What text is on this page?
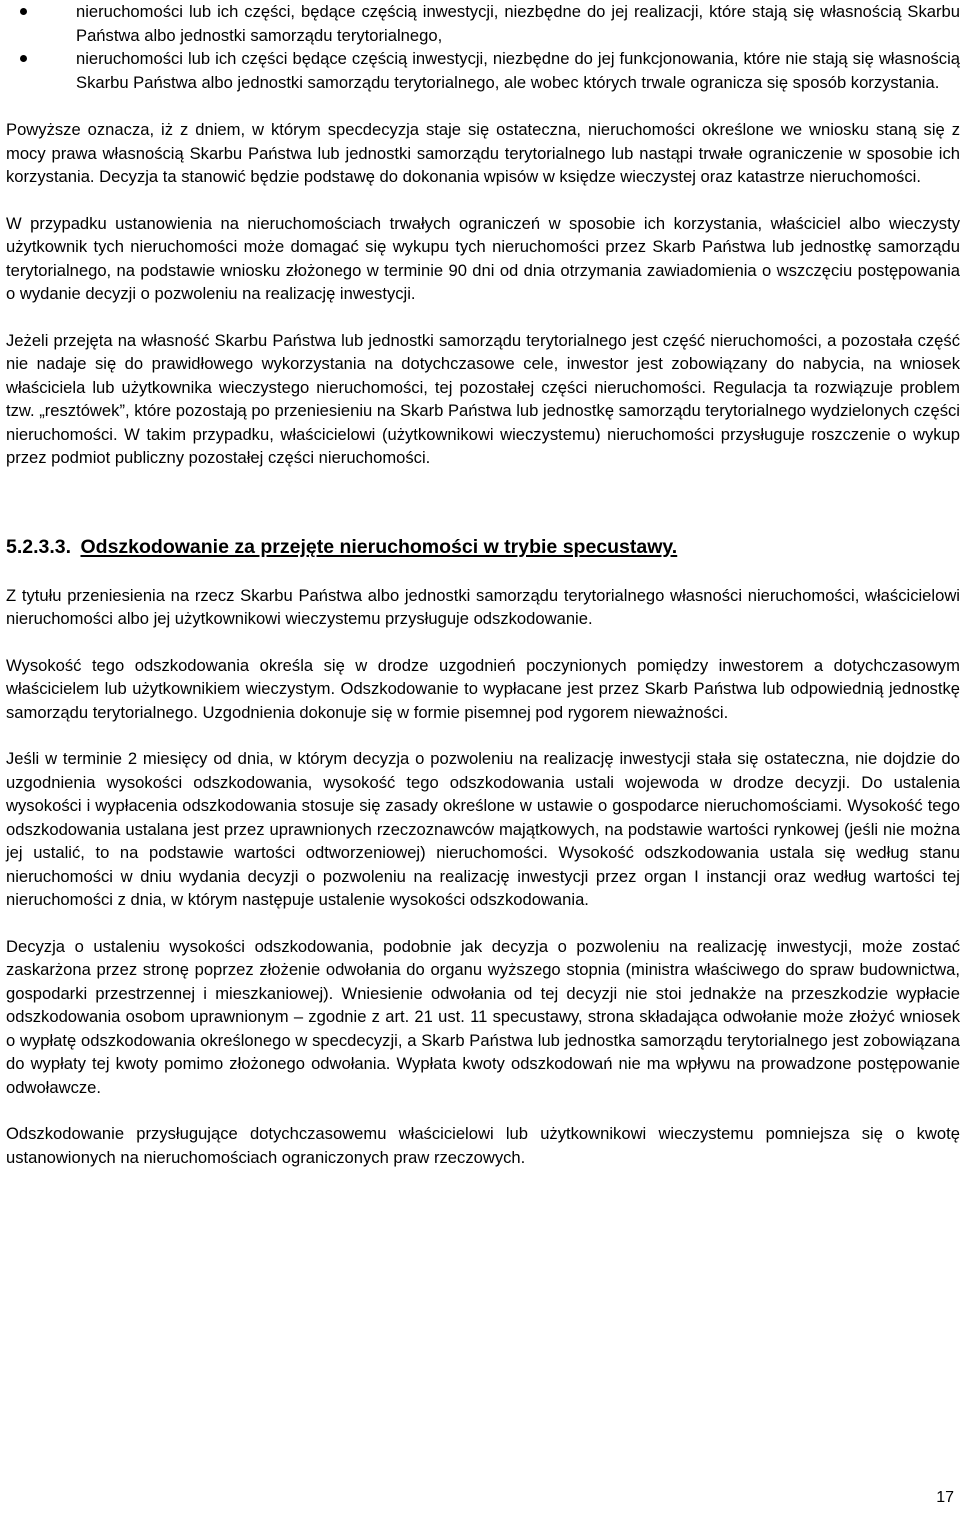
nieruchomości lub ich części, będące częścią inwestycji, niezbędne do jej realizacji, które stają się własnością Skarbu Państwa albo jednostki samorządu terytorialnego,
nieruchomości lub ich części będące częścią inwestycji, niezbędne do jej funkcjonowania, które nie stają się własnością Skarbu Państwa albo jednostki samorządu terytorialnego, ale wobec których trwale ogranicza się sposób korzystania.

Powyższe oznacza, iż z dniem, w którym specdecyzja staje się ostateczna, nieruchomości określone we wniosku staną się z mocy prawa własnością Skarbu Państwa lub jednostki samorządu terytorialnego lub nastąpi trwałe ograniczenie w sposobie ich korzystania. Decyzja ta stanowić będzie podstawę do dokonania wpisów w księdze wieczystej oraz katastrze nieruchomości.

W przypadku ustanowienia na nieruchomościach trwałych ograniczeń w sposobie ich korzystania, właściciel albo wieczysty użytkownik tych nieruchomości może domagać się wykupu tych nieruchomości przez Skarb Państwa lub jednostkę samorządu terytorialnego, na podstawie wniosku złożonego w terminie 90 dni od dnia otrzymania zawiadomienia o wszczęciu postępowania o wydanie decyzji o pozwoleniu na realizację inwestycji.

Jeżeli przejęta na własność Skarbu Państwa lub jednostki samorządu terytorialnego jest część nieruchomości, a pozostała część nie nadaje się do prawidłowego wykorzystania na dotychczasowe cele, inwestor jest zobowiązany do nabycia, na wniosek właściciela lub użytkownika wieczystego nieruchomości, tej pozostałej części nieruchomości. Regulacja ta rozwiązuje problem tzw. „resztówek”, które pozostają po przeniesieniu na Skarb Państwa lub jednostkę samorządu terytorialnego wydzielonych części nieruchomości. W takim przypadku, właścicielowi (użytkownikowi wieczystemu) nieruchomości przysługuje roszczenie o wykup przez podmiot publiczny pozostałej części nieruchomości.

5.2.3.3. Odszkodowanie za przejęte nieruchomości w trybie specustawy.

Z tytułu przeniesienia na rzecz Skarbu Państwa albo jednostki samorządu terytorialnego własności nieruchomości, właścicielowi nieruchomości albo jej użytkownikowi wieczystemu przysługuje odszkodowanie.

Wysokość tego odszkodowania określa się w drodze uzgodnień poczynionych pomiędzy inwestorem a dotychczasowym właścicielem lub użytkownikiem wieczystym. Odszkodowanie to wypłacane jest przez Skarb Państwa lub odpowiednią jednostkę samorządu terytorialnego. Uzgodnienia dokonuje się w formie pisemnej pod rygorem nieważności.

Jeśli w terminie 2 miesięcy od dnia, w którym decyzja o pozwoleniu na realizację inwestycji stała się ostateczna, nie dojdzie do uzgodnienia wysokości odszkodowania, wysokość tego odszkodowania ustali wojewoda w drodze decyzji. Do ustalenia wysokości i wypłacenia odszkodowania stosuje się zasady określone w ustawie o gospodarce nieruchomościami. Wysokość tego odszkodowania ustalana jest przez uprawnionych rzeczoznawców majątkowych, na podstawie wartości rynkowej (jeśli nie można jej ustalić, to na podstawie wartości odtworzeniowej) nieruchomości. Wysokość odszkodowania ustala się według stanu nieruchomości w dniu wydania decyzji o pozwoleniu na realizację inwestycji przez organ I instancji oraz według wartości tej nieruchomości z dnia, w którym następuje ustalenie wysokości odszkodowania.

Decyzja o ustaleniu wysokości odszkodowania, podobnie jak decyzja o pozwoleniu na realizację inwestycji, może zostać zaskarżona przez stronę poprzez złożenie odwołania do organu wyższego stopnia (ministra właściwego do spraw budownictwa, gospodarki przestrzennej i mieszkaniowej). Wniesienie odwołania od tej decyzji nie stoi jednakże na przeszkodzie wypłacie odszkodowania osobom uprawnionym – zgodnie z art. 21 ust. 11 specustawy, strona składająca odwołanie może złożyć wniosek o wypłatę odszkodowania określonego w specdecyzji, a Skarb Państwa lub jednostka samorządu terytorialnego jest zobowiązana do wypłaty tej kwoty pomimo złożonego odwołania. Wypłata kwoty odszkodowań nie ma wpływu na prowadzone postępowanie odwoławcze.

Odszkodowanie przysługujące dotychczasowemu właścicielowi lub użytkownikowi wieczystemu pomniejsza się o kwotę ustanowionych na nieruchomościach ograniczonych praw rzeczowych.

17
